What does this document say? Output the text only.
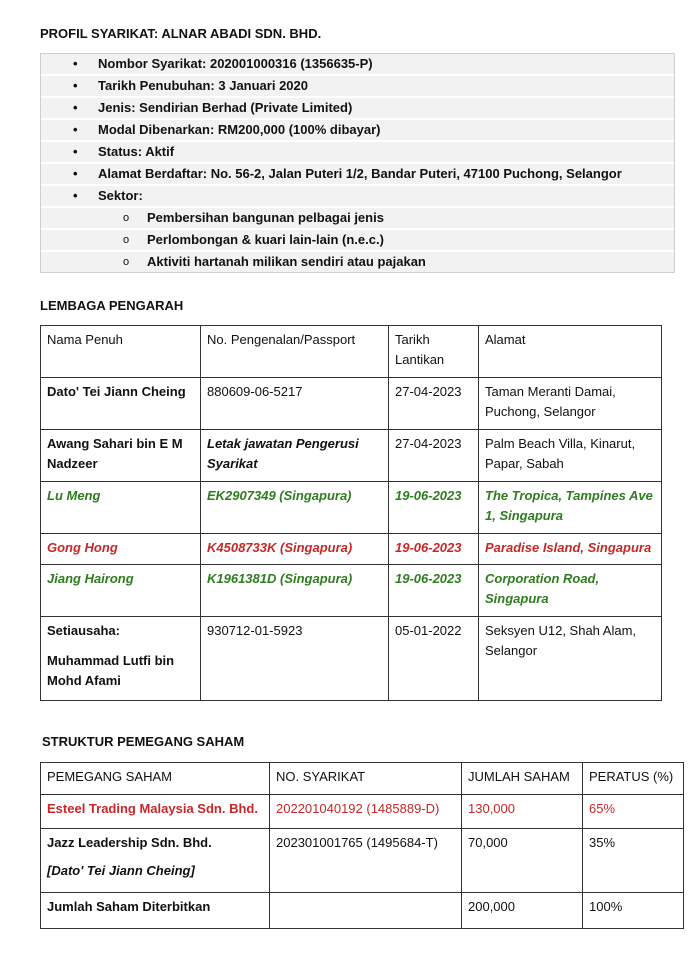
PROFIL SYARIKAT: ALNAR ABADI SDN. BHD.
• Nombor Syarikat: 202001000316 (1356635-P)
• Tarikh Penubuhan: 3 Januari 2020
• Jenis: Sendirian Berhad (Private Limited)
• Modal Dibenarkan: RM200,000 (100% dibayar)
• Status: Aktif
• Alamat Berdaftar: No. 56-2, Jalan Puteri 1/2, Bandar Puteri, 47100 Puchong, Selangor
• Sektor:
o Pembersihan bangunan pelbagai jenis
o Perlombongan & kuari lain-lain (n.e.c.)
o Aktiviti hartanah milikan sendiri atau pajakan
LEMBAGA PENGARAH
Nama Penuh	No. Pengenalan/Passport	Tarikh Lantikan	Alamat
Dato' Tei Jiann Cheing	880609-06-5217	27-04-2023	Taman Meranti Damai, Puchong, Selangor
Awang Sahari bin E M Nadzeer	Letak jawatan Pengerusi Syarikat	27-04-2023	Palm Beach Villa, Kinarut, Papar, Sabah
Lu Meng	EK2907349 (Singapura)	19-06-2023	The Tropica, Tampines Ave 1, Singapura
Gong Hong	K4508733K (Singapura)	19-06-2023	Paradise Island, Singapura
Jiang Hairong	K1961381D (Singapura)	19-06-2023	Corporation Road, Singapura

Setiausaha:
Muhammad Lutfi bin Mohd Afami	930712-01-5923	05-01-2022	Seksyen U12, Shah Alam, Selangor
STRUKTUR PEMEGANG SAHAM
PEMEGANG SAHAM	NO. SYARIKAT	JUMLAH SAHAM	PERATUS (%)
Esteel Trading Malaysia Sdn. Bhd.	202201040192 (1485889-D)	130,000	65%

Jazz Leadership Sdn. Bhd.
[Dato' Tei Jiann Cheing]	202301001765 (1495684-T)	70,000	35%
Jumlah Saham Diterbitkan		200,000	100%
